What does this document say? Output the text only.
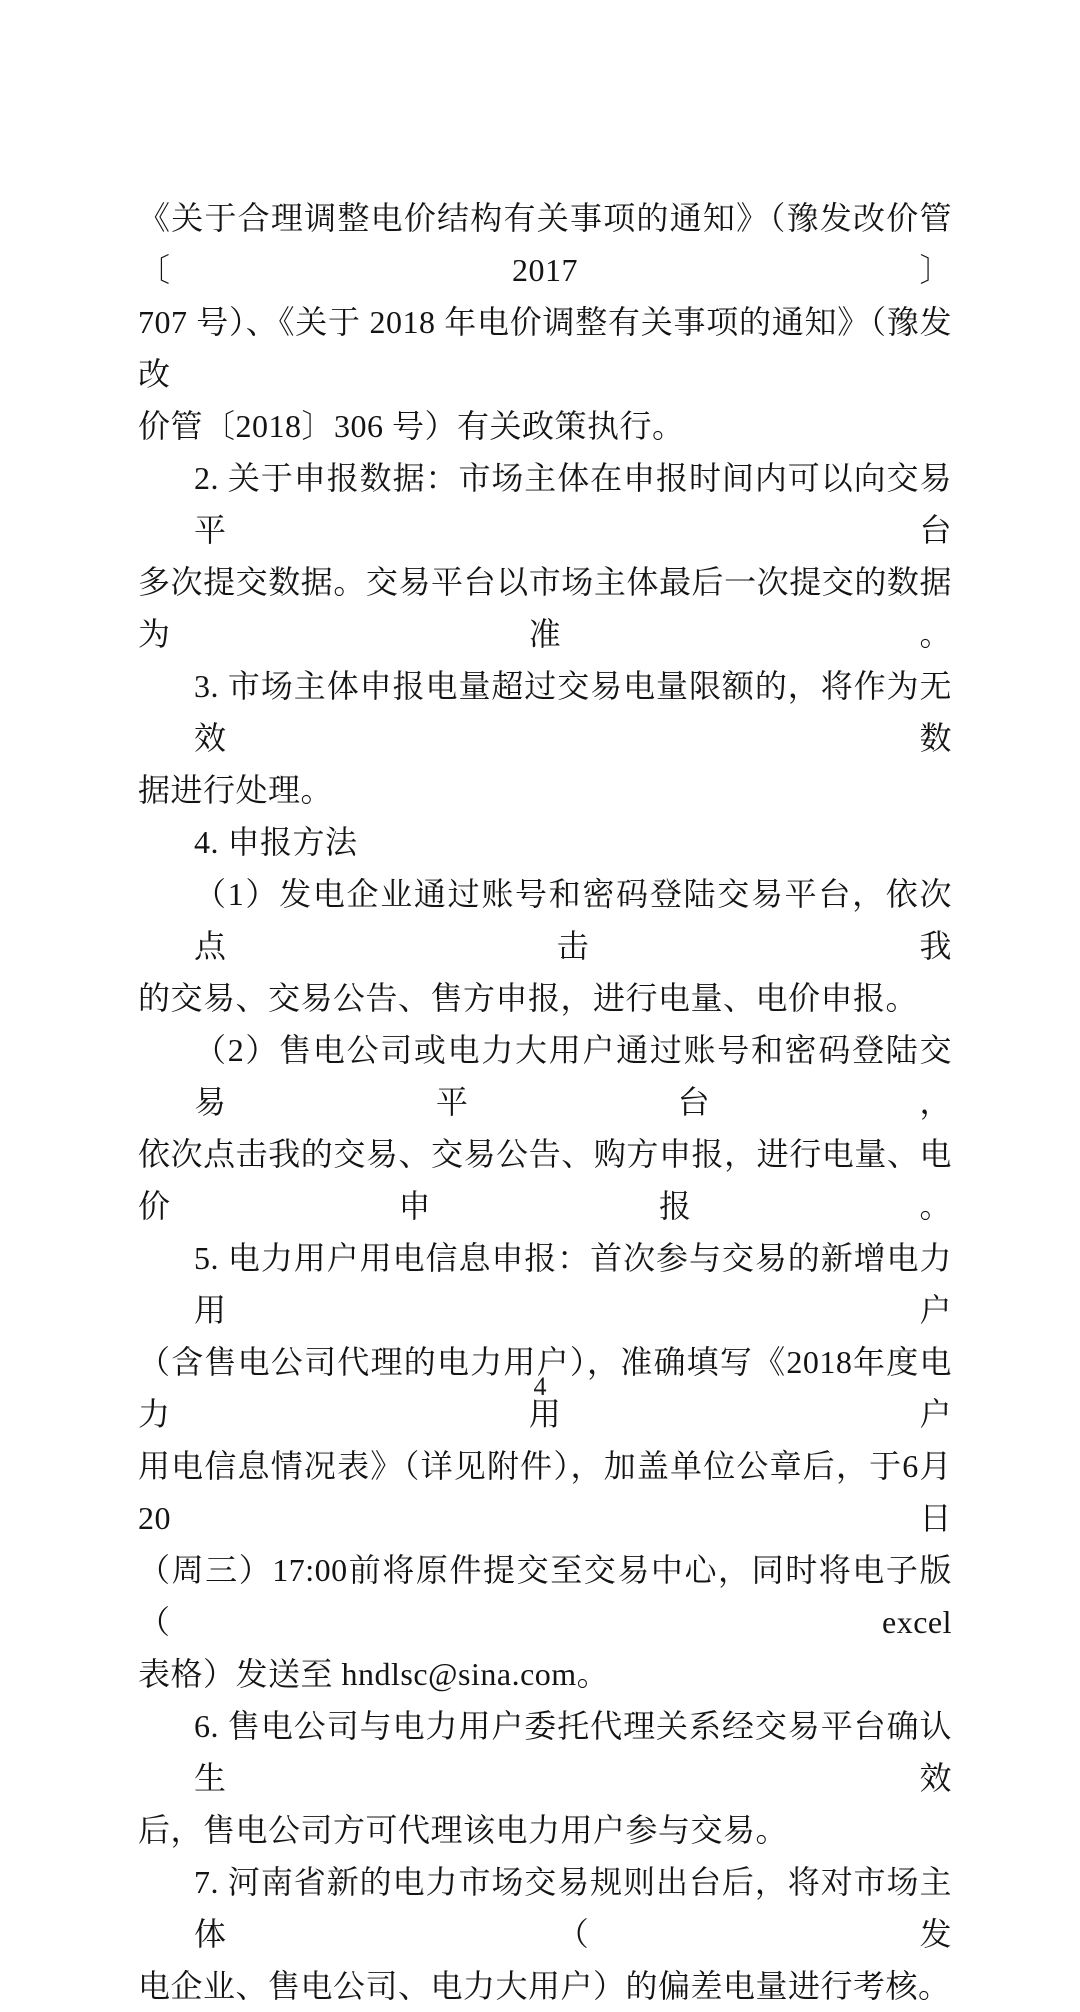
《关于合理调整电价结构有关事项的通知》（豫发改价管〔2017〕
707 号）、《关于 2018 年电价调整有关事项的通知》（豫发改
价管〔2018〕306 号）有关政策执行。
2. 关于申报数据：市场主体在申报时间内可以向交易平台
多次提交数据。交易平台以市场主体最后一次提交的数据为准。
3. 市场主体申报电量超过交易电量限额的，将作为无效数
据进行处理。
4. 申报方法
（1）发电企业通过账号和密码登陆交易平台，依次点击我
的交易、交易公告、售方申报，进行电量、电价申报。
（2）售电公司或电力大用户通过账号和密码登陆交易平台，
依次点击我的交易、交易公告、购方申报，进行电量、电价申报。
5. 电力用户用电信息申报：首次参与交易的新增电力用户
（含售电公司代理的电力用户），准确填写《2018年度电力用户
用电信息情况表》（详见附件），加盖单位公章后，于6月20日
（周三）17:00前将原件提交至交易中心，同时将电子版（excel
表格）发送至 hndlsc@sina.com。
6. 售电公司与电力用户委托代理关系经交易平台确认生效
后，售电公司方可代理该电力用户参与交易。
7. 河南省新的电力市场交易规则出台后，将对市场主体（发
电企业、售电公司、电力大用户）的偏差电量进行考核。
4
